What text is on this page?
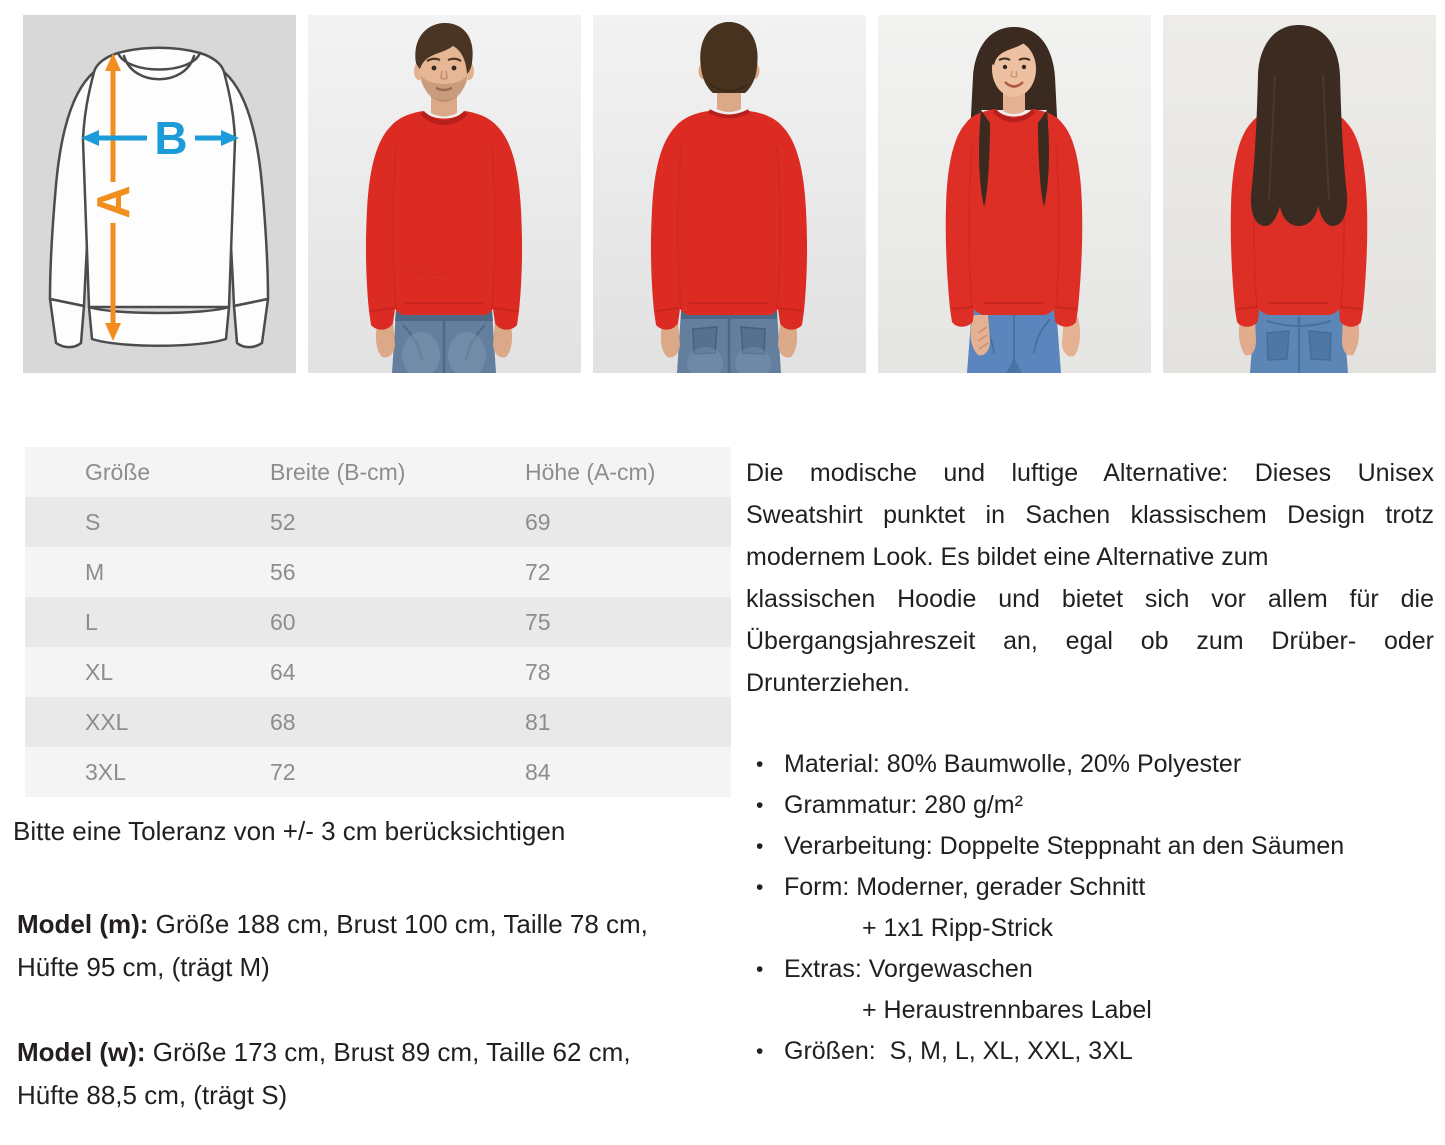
A
B
Größe	Breite (B-cm)	Höhe (A-cm)
S	52	69
M	56	72
L	60	75
XL	64	78
XXL	68	81
3XL	72	84

Bitte eine Toleranz von +/- 3 cm berücksichtigen

Model (m): Größe 188 cm, Brust 100 cm, Taille 78 cm,
Hüfte 95 cm, (trägt M)

Model (w): Größe 173 cm, Brust 89 cm, Taille 62 cm,
Hüfte 88,5 cm, (trägt S)

Die modische und luftige Alternative: Dieses Unisex
Sweatshirt punktet in Sachen klassischem Design trotz
modernem Look. Es bildet eine Alternative zum
klassischen Hoodie und bietet sich vor allem für die
Übergangsjahreszeit an, egal ob zum Drüber- oder
Drunterziehen.
• Material: 80% Baumwolle, 20% Polyester
• Grammatur: 280 g/m²
• Verarbeitung: Doppelte Steppnaht an den Säumen
• Form: Moderner, gerader Schnitt
+ 1x1 Ripp-Strick
• Extras: Vorgewaschen
+ Heraustrennbares Label
• Größen:  S, M, L, XL, XXL, 3XL
